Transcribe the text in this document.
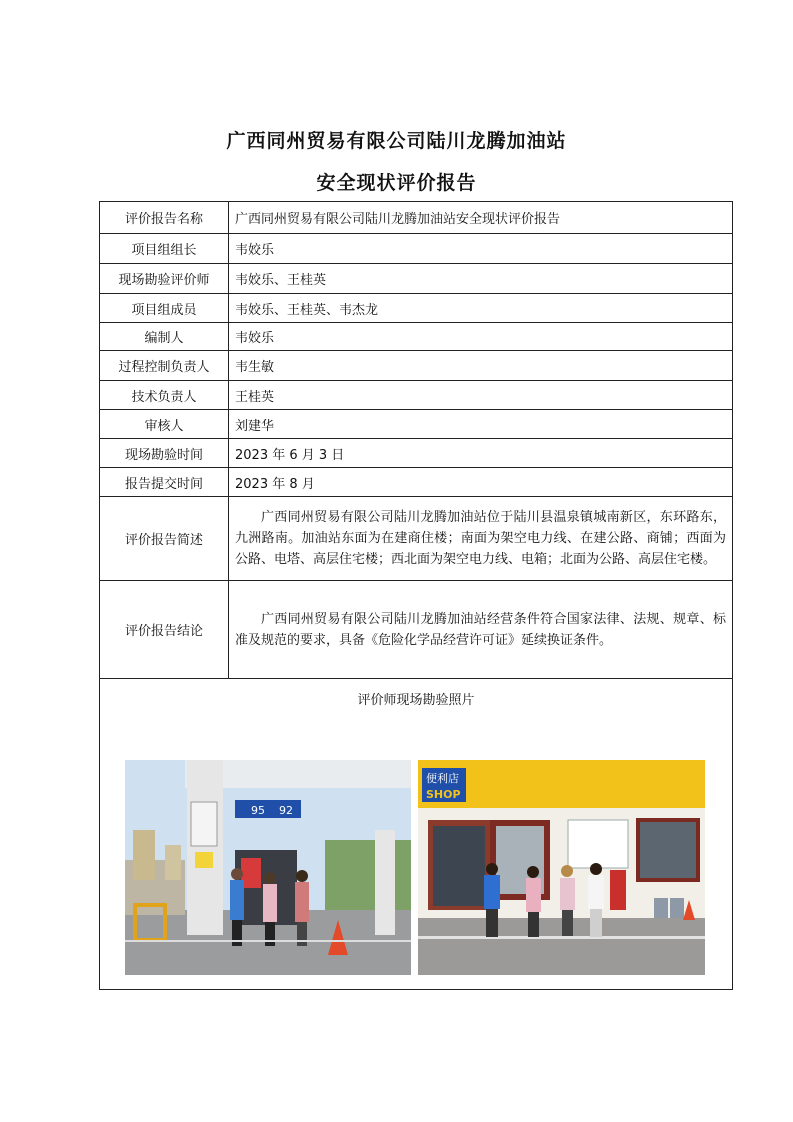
广西同州贸易有限公司陆川龙腾加油站
安全现状评价报告
评价报告名称	广西同州贸易有限公司陆川龙腾加油站安全现状评价报告
项目组组长	韦姣乐
现场勘验评价师	韦姣乐、王桂英
项目组成员	韦姣乐、王桂英、韦杰龙
编制人	韦姣乐
过程控制负责人	韦生敏
技术负责人	王桂英
审核人	刘建华
现场勘验时间	2023 年 6 月 3 日
报告提交时间	2023 年 8 月
评价报告简述	广西同州贸易有限公司陆川龙腾加油站位于陆川县温泉镇城南新区，东环路东，九洲路南。加油站东面为在建商住楼；南面为架空电力线、在建公路、商铺；西面为公路、电塔、高层住宅楼；西北面为架空电力线、电箱；北面为公路、高层住宅楼。
评价报告结论	广西同州贸易有限公司陆川龙腾加油站经营条件符合国家法律、法规、规章、标准及规范的要求，具备《危险化学品经营许可证》延续换证条件。

评价师现场勘验照片
95 92
便利店
SHOP	
